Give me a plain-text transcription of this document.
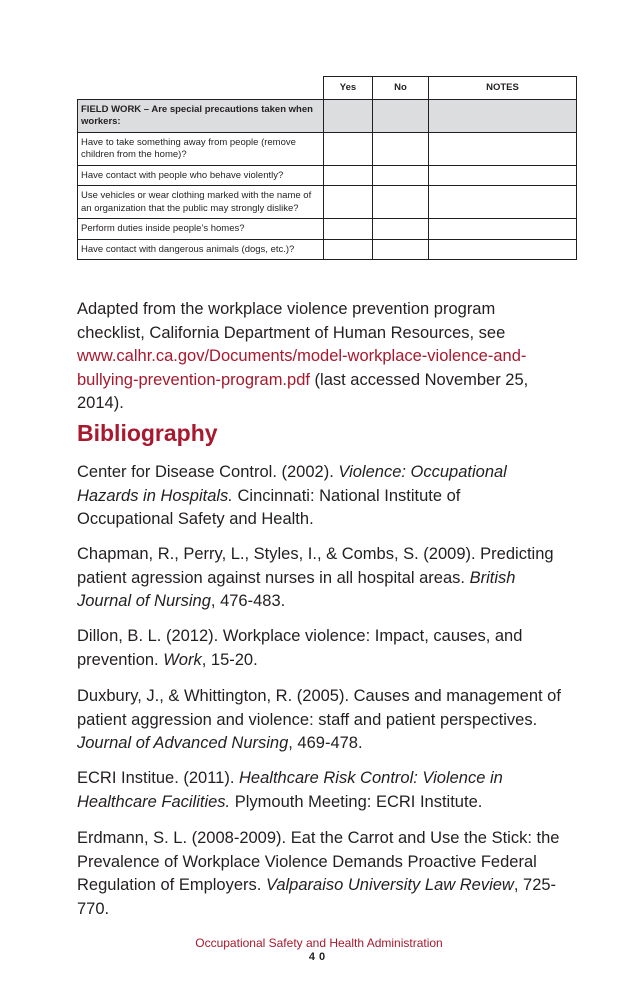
	Yes	No	NOTES
FIELD WORK – Are special precautions taken when workers:			
Have to take something away from people (remove children from the home)?			
Have contact with people who behave violently?			
Use vehicles or wear clothing marked with the name of an organization that the public may strongly dislike?			
Perform duties inside people’s homes?			
Have contact with dangerous animals (dogs, etc.)?			

Adapted from the workplace violence prevention program checklist, California Department of Human Resources, see www.calhr.ca.gov/Documents/model-workplace-violence-and-bullying-prevention-program.pdf (last accessed November 25, 2014).

Bibliography

Center for Disease Control. (2002). Violence: Occupational Hazards in Hospitals. Cincinnati: National Institute of Occupational Safety and Health.

Chapman, R., Perry, L., Styles, I., & Combs, S. (2009). Predicting patient agression against nurses in all hospital areas. British Journal of Nursing, 476-483.

Dillon, B. L. (2012). Workplace violence: Impact, causes, and prevention. Work, 15-20.

Duxbury, J., & Whittington, R. (2005). Causes and management of patient aggression and violence: staff and patient perspectives. Journal of Advanced Nursing, 469-478.

ECRI Institue. (2011). Healthcare Risk Control: Violence in Healthcare Facilities. Plymouth Meeting: ECRI Institute.

Erdmann, S. L. (2008-2009). Eat the Carrot and Use the Stick: the Prevalence of Workplace Violence Demands Proactive Federal Regulation of Employers. Valparaiso University Law Review, 725-770.

Occupational Safety and Health Administration
40
